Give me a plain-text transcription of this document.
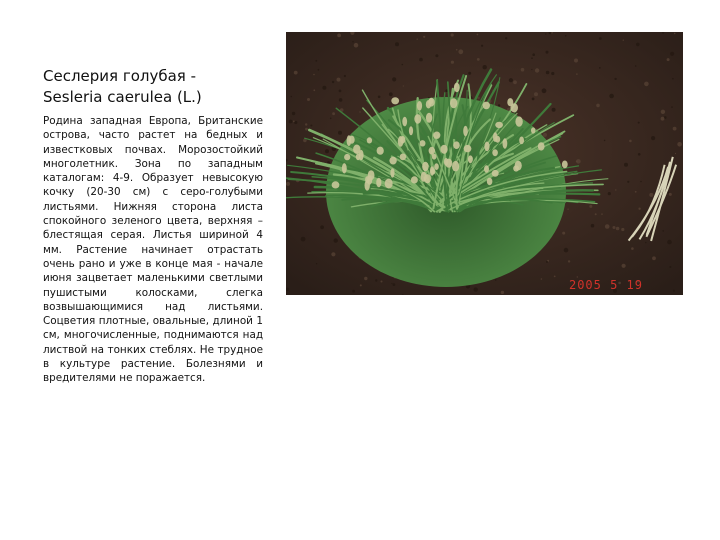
Сеслерия голубая -
Sesleria caerulea (L.)
Родина западная Европа, Британские острова, часто растет на бедных и известковых почвах. Морозостойкий многолетник. Зона по западным каталогам: 4-9. Образует невысокую кочку (20-30 см) с серо-голубыми листьями. Нижняя сторона листа спокойного зеленого цвета, верхняя – блестящая серая. Листья шириной 4 мм. Растение начинает отрастать очень рано и уже в конце мая - начале июня зацветает маленькими светлыми пушистыми колосками, слегка возвышающимися над листьями. Соцветия плотные, овальные, длиной 1 см, многочисленные, поднимаются над листвой на тонких стеблях. Не трудное в культуре растение. Болезнями и вредителями не поражается.
2005 5 19
